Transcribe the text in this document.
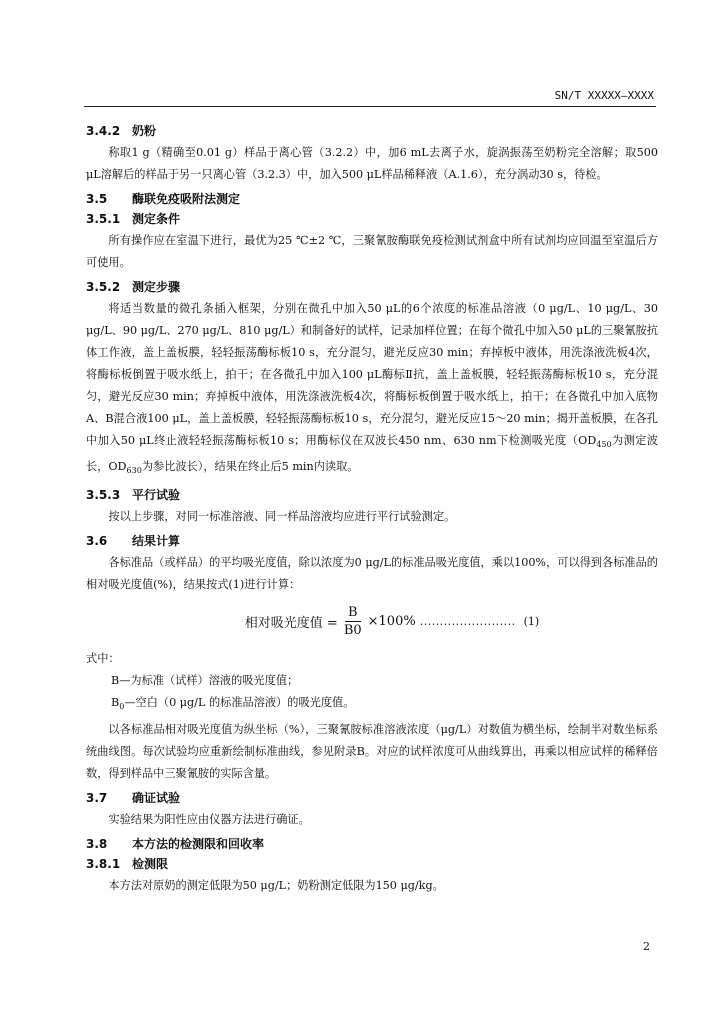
SN/T XXXXX—XXXX
3.4.2 奶粉

称取1 g（精确至0.01 g）样品于离心管（3.2.2）中，加6 mL去离子水，旋涡振荡至奶粉完全溶解；取500 μL溶解后的样品于另一只离心管（3.2.3）中，加入500 μL样品稀释液（A.1.6），充分涡动30 s，待检。

3.5 酶联免疫吸附法测定
3.5.1 测定条件

所有操作应在室温下进行，最优为25 ℃±2 ℃，三聚氰胺酶联免疫检测试剂盒中所有试剂均应回温至室温后方可使用。

3.5.2 测定步骤

将适当数量的微孔条插入框架，分别在微孔中加入50 μL的6个浓度的标准品溶液（0 μg/L、10 μg/L、30 μg/L、90 μg/L、270 μg/L、810 μg/L）和制备好的试样，记录加样位置；在每个微孔中加入50 μL的三聚氰胺抗体工作液，盖上盖板膜，轻轻振荡酶标板10 s，充分混匀，避光反应30 min；弃掉板中液体，用洗涤液洗板4次，将酶标板倒置于吸水纸上，拍干；在各微孔中加入100 μL酶标Ⅱ抗，盖上盖板膜，轻轻振荡酶标板10 s，充分混匀，避光反应30 min；弃掉板中液体，用洗涤液洗板4次，将酶标板倒置于吸水纸上，拍干；在各微孔中加入底物 A、B混合液100 μL，盖上盖板膜，轻轻振荡酶标板10 s，充分混匀，避光反应15～20 min；揭开盖板膜，在各孔中加入50 μL终止液轻轻振荡酶标板10 s；用酶标仪在双波长450 nm、630 nm下检测吸光度（$OD_{450}$为测定波长，$OD_{630}$为参比波长），结果在终止后5 min内读取。

3.5.3 平行试验

按以上步骤，对同一标准溶液、同一样品溶液均应进行平行试验测定。

3.6 结果计算

各标准品（或样品）的平均吸光度值，除以浓度为0 μg/L的标准品吸光度值，乘以100%，可以得到各标准品的相对吸光度值(%)，结果按式(1)进行计算：

相对吸光度值 = $\frac{B}{B0} \times 100\%$ ........................ (1)

式中：

B—为标准（试样）溶液的吸光度值；

$B_0—$空白（0 μg/L 的标准品溶液）的吸光度值。

以各标准品相对吸光度值为纵坐标（%），三聚氰胺标准溶液浓度（μg/L）对数值为横坐标，绘制半对数坐标系统曲线图。每次试验均应重新绘制标准曲线，参见附录B。对应的试样浓度可从曲线算出，再乘以相应试样的稀释倍数，得到样品中三聚氰胺的实际含量。

3.7 确证试验

实验结果为阳性应由仪器方法进行确证。

3.8 本方法的检测限和回收率
3.8.1 检测限

本方法对原奶的测定低限为50 μg/L；奶粉测定低限为150 μg/kg。

2
